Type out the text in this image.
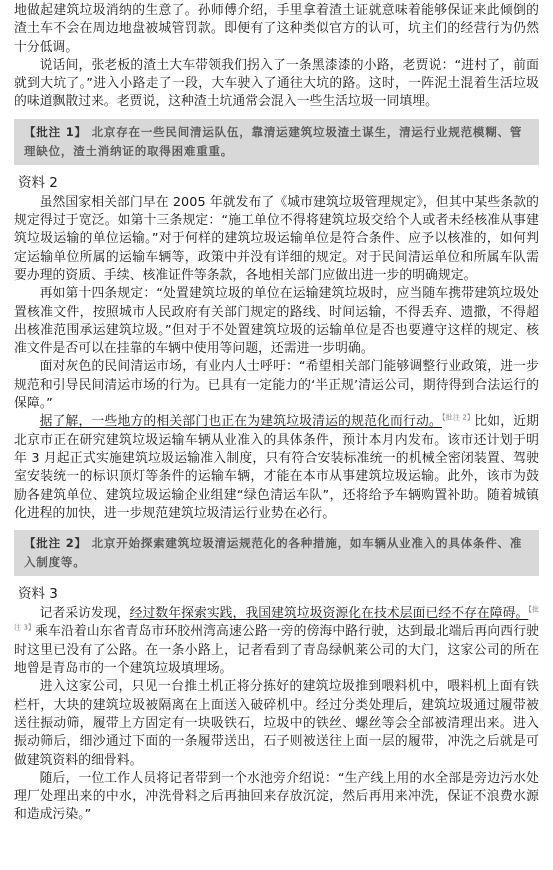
地做起建筑垃圾消纳的生意了。孙师傅介绍，手里拿着渣土证就意味着能够保证来此倾倒的渣土车不会在周边地盘被城管罚款。即便有了这种类似官方的认可，坑主们的经营行为仍然十分低调。

说话间，张老板的渣土大车带领我们拐入了一条黑漆漆的小路，老贾说：“进村了，前面就到大坑了。”进入小路走了一段，大车驶入了通往大坑的路。这时，一阵泥土混着生活垃圾的味道飘散过来。老贾说，这种渣土坑通常会混入一些生活垃圾一同填埋。

【批注 1】 北京存在一些民间清运队伍，靠清运建筑垃圾渣土谋生，清运行业规范模糊、管理缺位，渣土消纳证的取得困难重重。
资料 2

虽然国家相关部门早在 2005 年就发布了《城市建筑垃圾管理规定》，但其中某些条款的规定得过于宽泛。如第十三条规定：“施工单位不得将建筑垃圾交给个人或者未经核准从事建筑垃圾运输的单位运输。”对于何样的建筑垃圾运输单位是符合条件、应予以核准的，如何判定运输单位所属的运输车辆等，政策中并没有详细的规定。对于民间清运单位和所属车队需要办理的资质、手续、核准证件等条款，各地相关部门应做出进一步的明确规定。

再如第十四条规定：“处置建筑垃圾的单位在运输建筑垃圾时，应当随车携带建筑垃圾处置核准文件，按照城市人民政府有关部门规定的路线、时间运输，不得丢弃、遗撒，不得超出核准范围承运建筑垃圾。”但对于不处置建筑垃圾的运输单位是否也要遵守这样的规定、核准文件是否可以在挂靠的车辆中使用等问题，还需进一步明确。

面对灰色的民间清运市场，有业内人士呼吁：“希望相关部门能够调整行业政策，进一步规范和引导民间清运市场的行为。已具有一定能力的‘半正规’清运公司，期待得到合法运行的保障。”

据了解，一些地方的相关部门也正在为建筑垃圾清运的规范化而行动。$^{【批注 2】}$比如，近期北京市正在研究建筑垃圾运输车辆从业准入的具体条件，预计本月内发布。该市还计划于明年 3 月起正式实施建筑垃圾运输准入制度，只有符合安装标准统一的机械全密闭装置、驾驶室安装统一的标识顶灯等条件的运输车辆，才能在本市从事建筑垃圾运输。此外，该市为鼓励各建筑单位、建筑垃圾运输企业组建“绿色清运车队”，还将给予车辆购置补助。随着城镇化进程的加快，进一步规范建筑垃圾清运行业势在必行。

【批注 2】 北京开始探索建筑垃圾清运规范化的各种措施，如车辆从业准入的具体条件、准入制度等。
资料 3

记者采访发现，经过数年探索实践，我国建筑垃圾资源化在技术层面已经不存在障碍。$^{【批注 3】}$乘车沿着山东省青岛市环胶州湾高速公路一旁的傍海中路行驶，达到最北端后再向西行驶时这里已没有了公路。在一条小路上，记者看到了青岛绿帆莱公司的大门，这家公司的所在地曾是青岛市的一个建筑垃圾填埋场。

进入这家公司，只见一台推土机正将分拣好的建筑垃圾推到喂料机中，喂料机上面有铁栏杆，大块的建筑垃圾被隔离在上面送入破碎机中。经过分类处理后，建筑垃圾通过履带被送往振动筛，履带上方固定有一块吸铁石，垃圾中的铁丝、螺丝等会全部被清理出来。进入振动筛后，细沙通过下面的一条履带送出，石子则被送往上面一层的履带，冲洗之后就是可做建筑资料的细骨料。

随后，一位工作人员将记者带到一个水池旁介绍说：“生产线上用的水全部是旁边污水处理厂处理出来的中水，冲洗骨料之后再抽回来存放沉淀，然后再用来冲洗，保证不浪费水源和造成污染。”
